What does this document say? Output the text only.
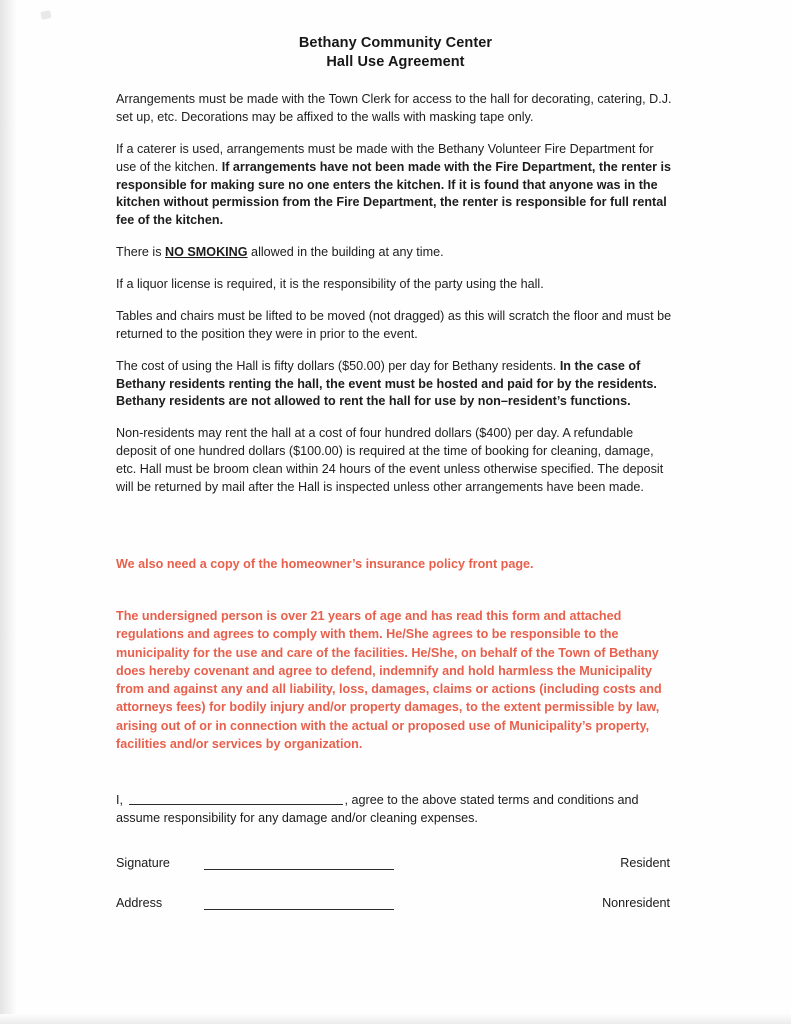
Bethany Community Center
Hall Use Agreement

Arrangements must be made with the Town Clerk for access to the hall for decorating, catering, D.J. set up, etc. Decorations may be affixed to the walls with masking tape only.

If a caterer is used, arrangements must be made with the Bethany Volunteer Fire Department for use of the kitchen. If arrangements have not been made with the Fire Department, the renter is responsible for making sure no one enters the kitchen. If it is found that anyone was in the kitchen without permission from the Fire Department, the renter is responsible for full rental fee of the kitchen.

There is NO SMOKING allowed in the building at any time.

If a liquor license is required, it is the responsibility of the party using the hall.

Tables and chairs must be lifted to be moved (not dragged) as this will scratch the floor and must be returned to the position they were in prior to the event.

The cost of using the Hall is fifty dollars ($50.00) per day for Bethany residents. In the case of Bethany residents renting the hall, the event must be hosted and paid for by the residents. Bethany residents are not allowed to rent the hall for use by non–resident’s functions.

Non-residents may rent the hall at a cost of four hundred dollars ($400) per day. A refundable deposit of one hundred dollars ($100.00) is required at the time of booking for cleaning, damage, etc. Hall must be broom clean within 24 hours of the event unless otherwise specified. The deposit will be returned by mail after the Hall is inspected unless other arrangements have been made.

We also need a copy of the homeowner’s insurance policy front page.

The undersigned person is over 21 years of age and has read this form and attached regulations and agrees to comply with them. He/She agrees to be responsible to the municipality for the use and care of the facilities. He/She, on behalf of the Town of Bethany does hereby covenant and agree to defend, indemnify and hold harmless the Municipality from and against any and all liability, loss, damages, claims or actions (including costs and attorneys fees) for bodily injury and/or property damages, to the extent permissible by law, arising out of or in connection with the actual or proposed use of Municipality’s property, facilities and/or services by organization.

I,	, agree to the above stated terms and conditions and assume responsibility for any damage and/or cleaning expenses.

Signature	Resident
Address	Nonresident
